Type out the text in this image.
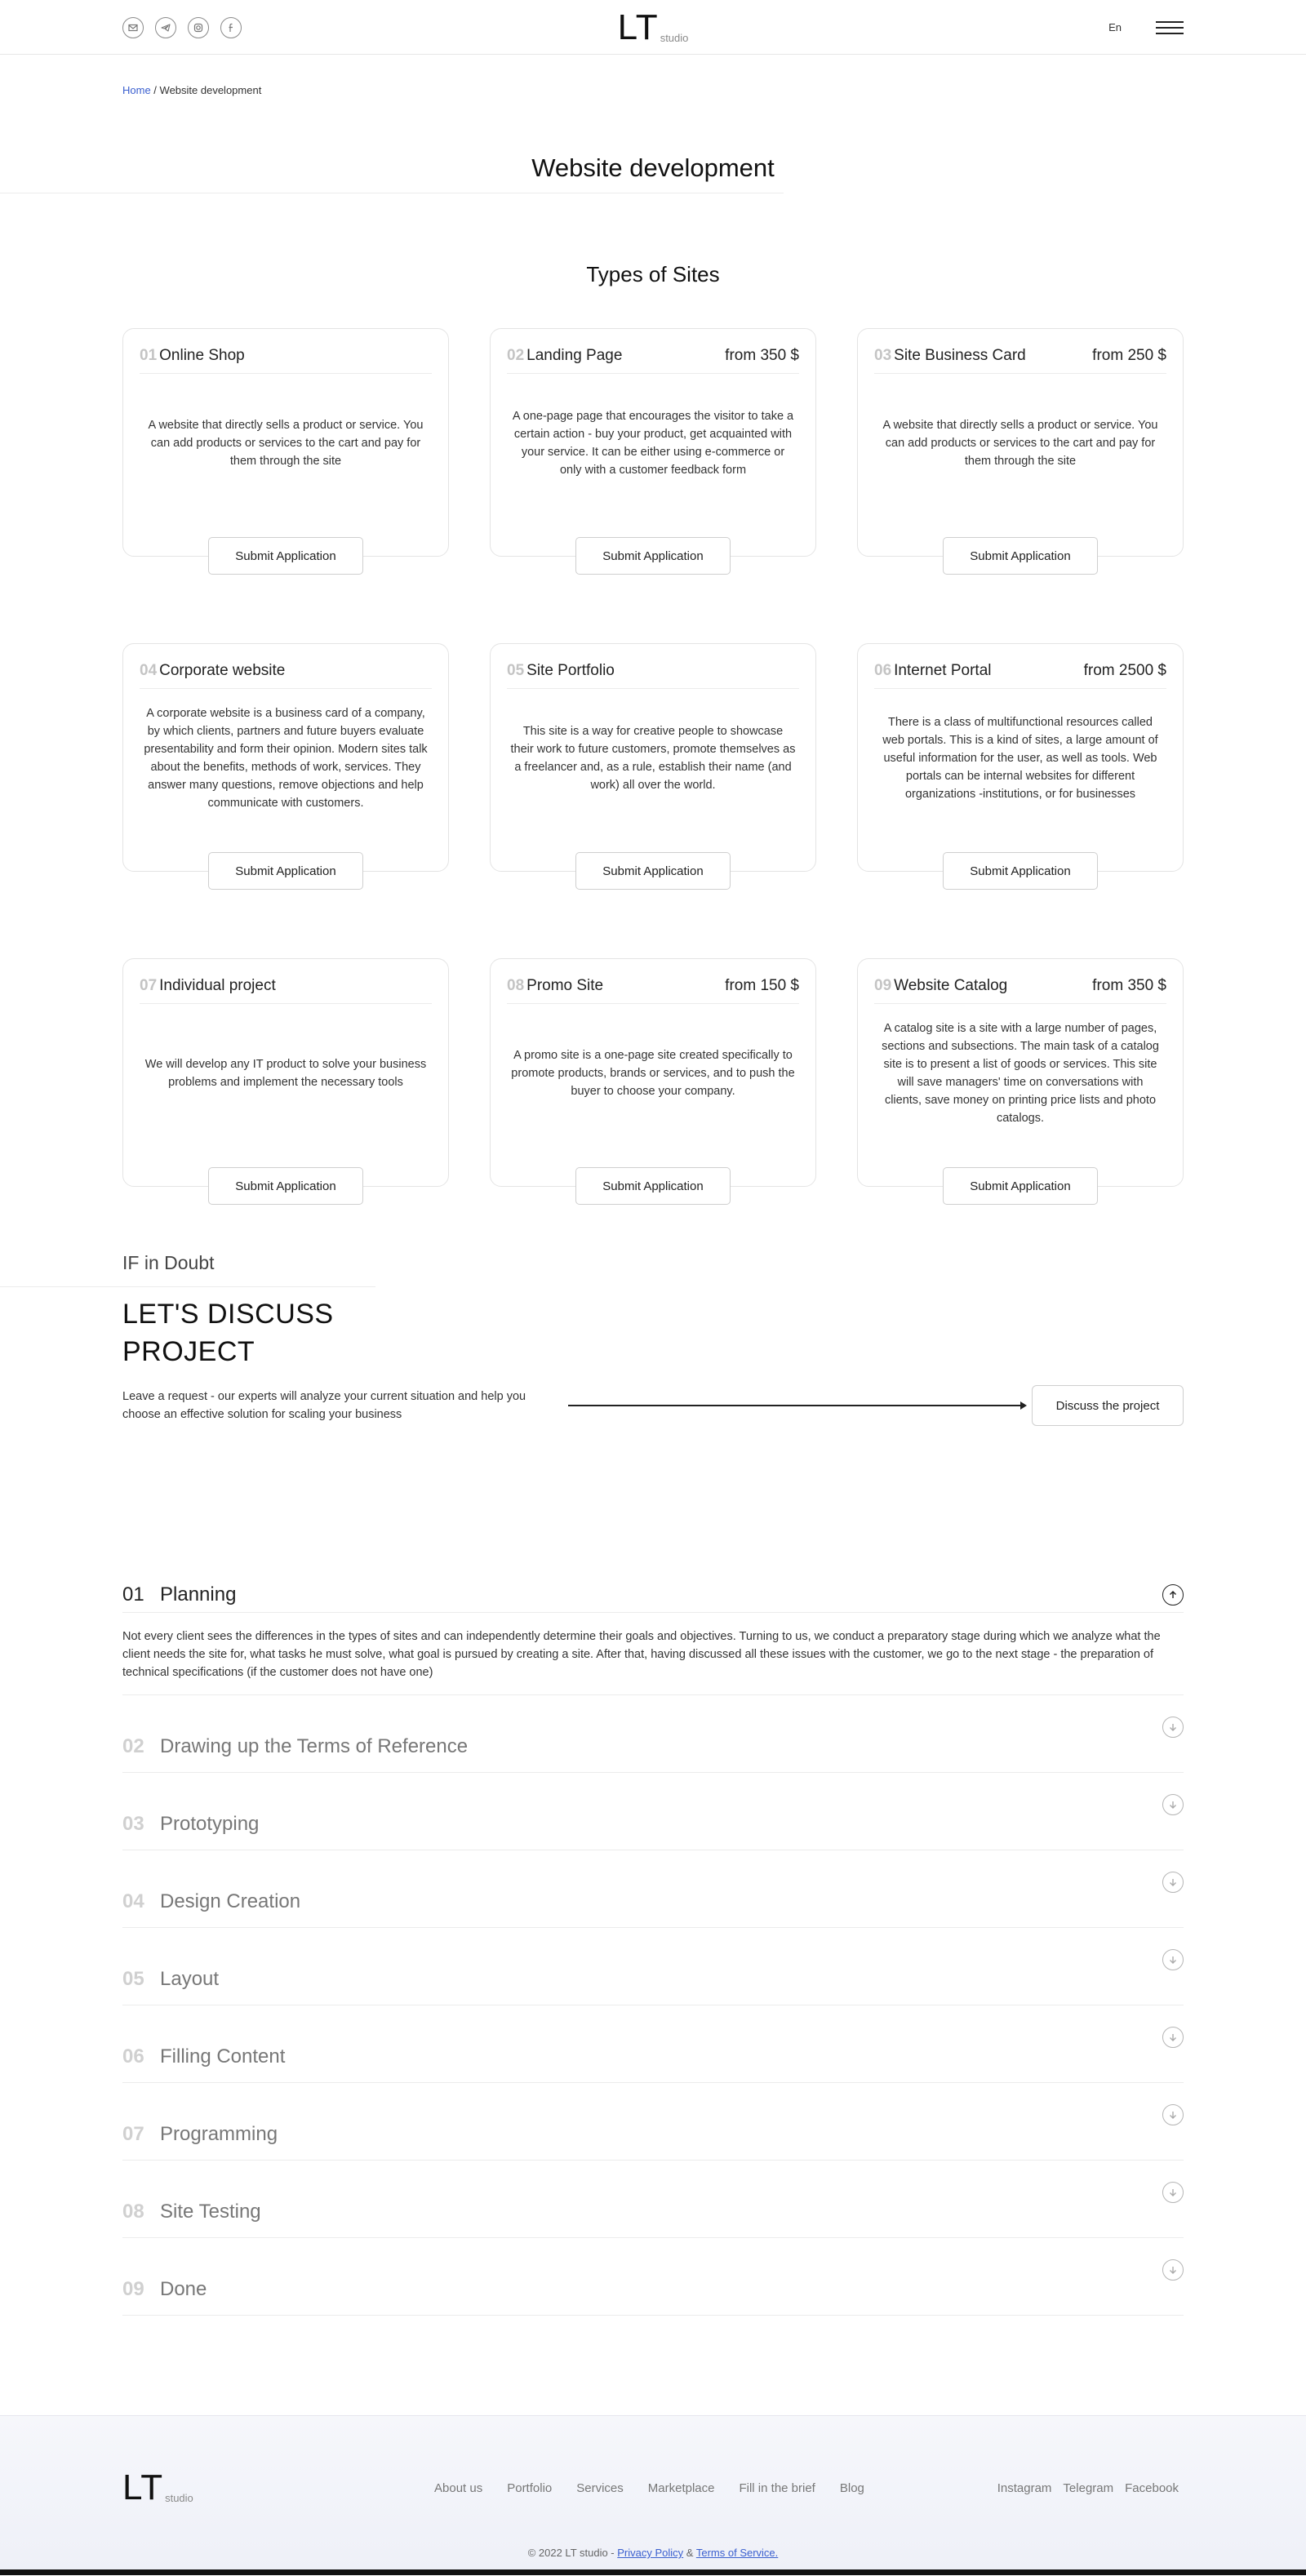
LT studio
En
Home / Website development
Website development
Types of Sites
01 Online Shop
A website that directly sells a product or service. You can add products or services to the cart and pay for them through the site
Submit Application
02 Landing Page	from 350 $
A one-page page that encourages the visitor to take a certain action - buy your product, get acquainted with your service. It can be either using e-commerce or only with a customer feedback form
Submit Application
03 Site Business Card	from 250 $
A website that directly sells a product or service. You can add products or services to the cart and pay for them through the site
Submit Application
04 Corporate website
A corporate website is a business card of a company, by which clients, partners and future buyers evaluate presentability and form their opinion. Modern sites talk about the benefits, methods of work, services. They answer many questions, remove objections and help communicate with customers.
Submit Application
05 Site Portfolio
This site is a way for creative people to showcase their work to future customers, promote themselves as a freelancer and, as a rule, establish their name (and work) all over the world.
Submit Application
06 Internet Portal	from 2500 $
There is a class of multifunctional resources called web portals. This is a kind of sites, a large amount of useful information for the user, as well as tools. Web portals can be internal websites for different organizations -institutions, or for businesses
Submit Application
07 Individual project
We will develop any IT product to solve your business problems and implement the necessary tools
Submit Application
08 Promo Site	from 150 $
A promo site is a one-page site created specifically to promote products, brands or services, and to push the buyer to choose your company.
Submit Application
09 Website Catalog	from 350 $
A catalog site is a site with a large number of pages, sections and subsections. The main task of a catalog site is to present a list of goods or services. This site will save managers' time on conversations with clients, save money on printing price lists and photo catalogs.
Submit Application
IF in Doubt
LET'S DISCUSS
PROJECT

Leave a request - our experts will analyze your current situation and help you choose an effective solution for scaling your business

Discuss the project
01 Planning
Not every client sees the differences in the types of sites and can independently determine their goals and objectives. Turning to us, we conduct a preparatory stage during which we analyze what the client needs the site for, what tasks he must solve, what goal is pursued by creating a site. After that, having discussed all these issues with the customer, we go to the next stage - the preparation of technical specifications (if the customer does not have one)
02 Drawing up the Terms of Reference
03 Prototyping
04 Design Creation
05 Layout
06 Filling Content
07 Programming
08 Site Testing
09 Done
LT studio
About us Portfolio Services Marketplace Fill in the brief Blog	Instagram Telegram Facebook
© 2022 LT studio - Privacy Policy & Terms of Service.
